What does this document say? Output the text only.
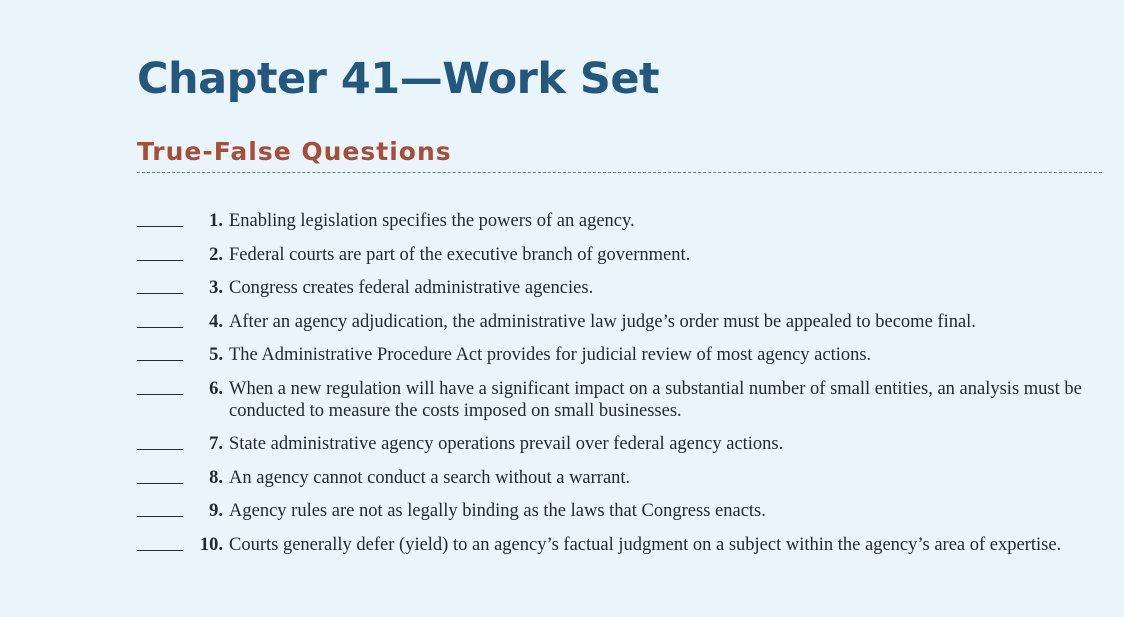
Chapter 41—Work Set
True-False Questions
1. Enabling legislation specifies the powers of an agency.
2. Federal courts are part of the executive branch of government.
3. Congress creates federal administrative agencies.
4. After an agency adjudication, the administrative law judge’s order must be appealed to become final.
5. The Administrative Procedure Act provides for judicial review of most agency actions.
6. When a new regulation will have a significant impact on a substantial number of small entities, an analysis must be conducted to measure the costs imposed on small businesses.
7. State administrative agency operations prevail over federal agency actions.
8. An agency cannot conduct a search without a warrant.
9. Agency rules are not as legally binding as the laws that Congress enacts.
10. Courts generally defer (yield) to an agency’s factual judgment on a subject within the agency’s area of expertise.
